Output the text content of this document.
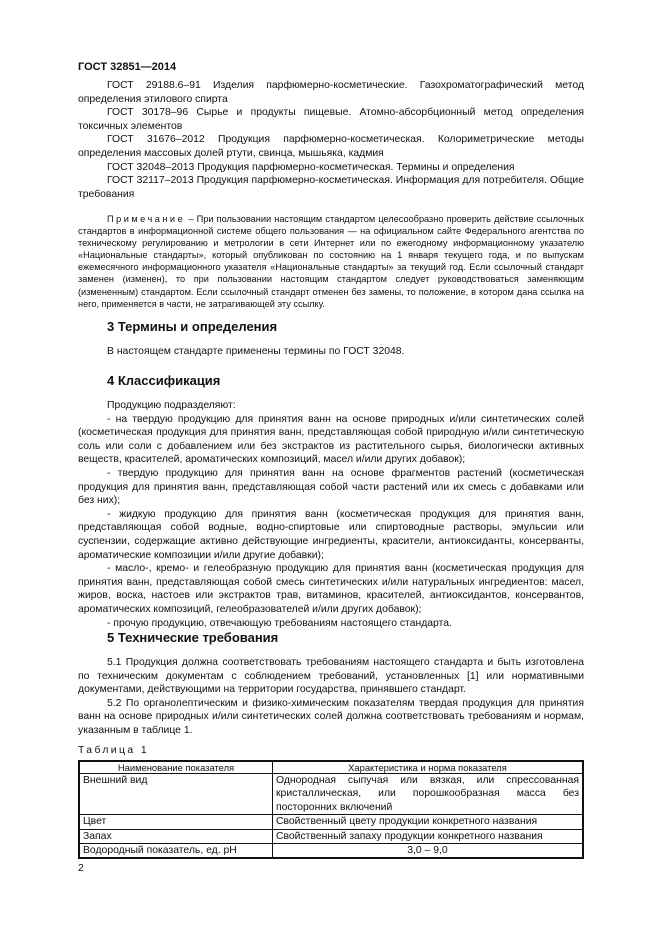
ГОСТ 32851—2014

ГОСТ 29188.6–91 Изделия парфюмерно-косметические. Газохроматографический метод определения этилового спирта

ГОСТ 30178–96 Сырье и продукты пищевые. Атомно-абсорбционный метод определения токсичных элементов

ГОСТ 31676–2012 Продукция парфюмерно-косметическая. Колориметрические методы определения массовых долей ртути, свинца, мышьяка, кадмия

ГОСТ 32048–2013 Продукция парфюмерно-косметическая. Термины и определения

ГОСТ 32117–2013 Продукция парфюмерно-косметическая. Информация для потребителя. Общие требования

Примечание – При пользовании настоящим стандартом целесообразно проверить действие ссылочных стандартов в информационной системе общего пользования — на официальном сайте Федерального агентства по техническому регулированию и метрологии в сети Интернет или по ежегодному информационному указателю «Национальные стандарты», который опубликован по состоянию на 1 января текущего года, и по выпускам ежемесячного информационного указателя «Национальные стандарты» за текущий год. Если ссылочный стандарт заменен (изменен), то при пользовании настоящим стандартом следует руководствоваться заменяющим (измененным) стандартом. Если ссылочный стандарт отменен без замены, то положение, в котором дана ссылка на него, применяется в части, не затрагивающей эту ссылку.

3 Термины и определения

В настоящем стандарте применены термины по ГОСТ 32048.

4 Классификация

Продукцию подразделяют:

- на твердую продукцию для принятия ванн на основе природных и/или синтетических солей (косметическая продукция для принятия ванн, представляющая собой природную и/или синтетическую соль или соли с добавлением или без экстрактов из растительного сырья, биологически активных веществ, красителей, ароматических композиций, масел и/или других добавок);

- твердую продукцию для принятия ванн на основе фрагментов растений (косметическая продукция для принятия ванн, представляющая собой части растений или их смесь с добавками или без них);

- жидкую продукцию для принятия ванн (косметическая продукция для принятия ванн, представляющая собой водные, водно-спиртовые или спиртоводные растворы, эмульсии или суспензии, содержащие активно действующие ингредиенты, красители, антиоксиданты, консерванты, ароматические композиции и/или другие добавки);

- масло-, кремо- и гелеобразную продукцию для принятия ванн (косметическая продукция для принятия ванн, представляющая собой смесь синтетических и/или натуральных ингредиентов: масел, жиров, воска, настоев или экстрактов трав, витаминов, красителей, антиоксидантов, консервантов, ароматических композиций, гелеобразователей и/или других добавок);

- прочую продукцию, отвечающую требованиям настоящего стандарта.

5 Технические требования

5.1 Продукция должна соответствовать требованиям настоящего стандарта и быть изготовлена по техническим документам с соблюдением требований, установленных [1] или нормативными документами, действующими на территории государства, принявшего стандарт.

5.2 По органолептическим и физико-химическим показателям твердая продукция для принятия ванн на основе природных и/или синтетических солей должна соответствовать требованиям и нормам, указанным в таблице 1.

Таблица 1
Наименование показателя	Характеристика и норма показателя
Внешний вид	Однородная сыпучая или вязкая, или спрессованная кристаллическая, или порошкообразная масса без посторонних включений
Цвет	Свойственный цвету продукции конкретного названия
Запах	Свойственный запаху продукции конкретного названия
Водородный показатель, ед. pH	3,0 – 9,0
2
